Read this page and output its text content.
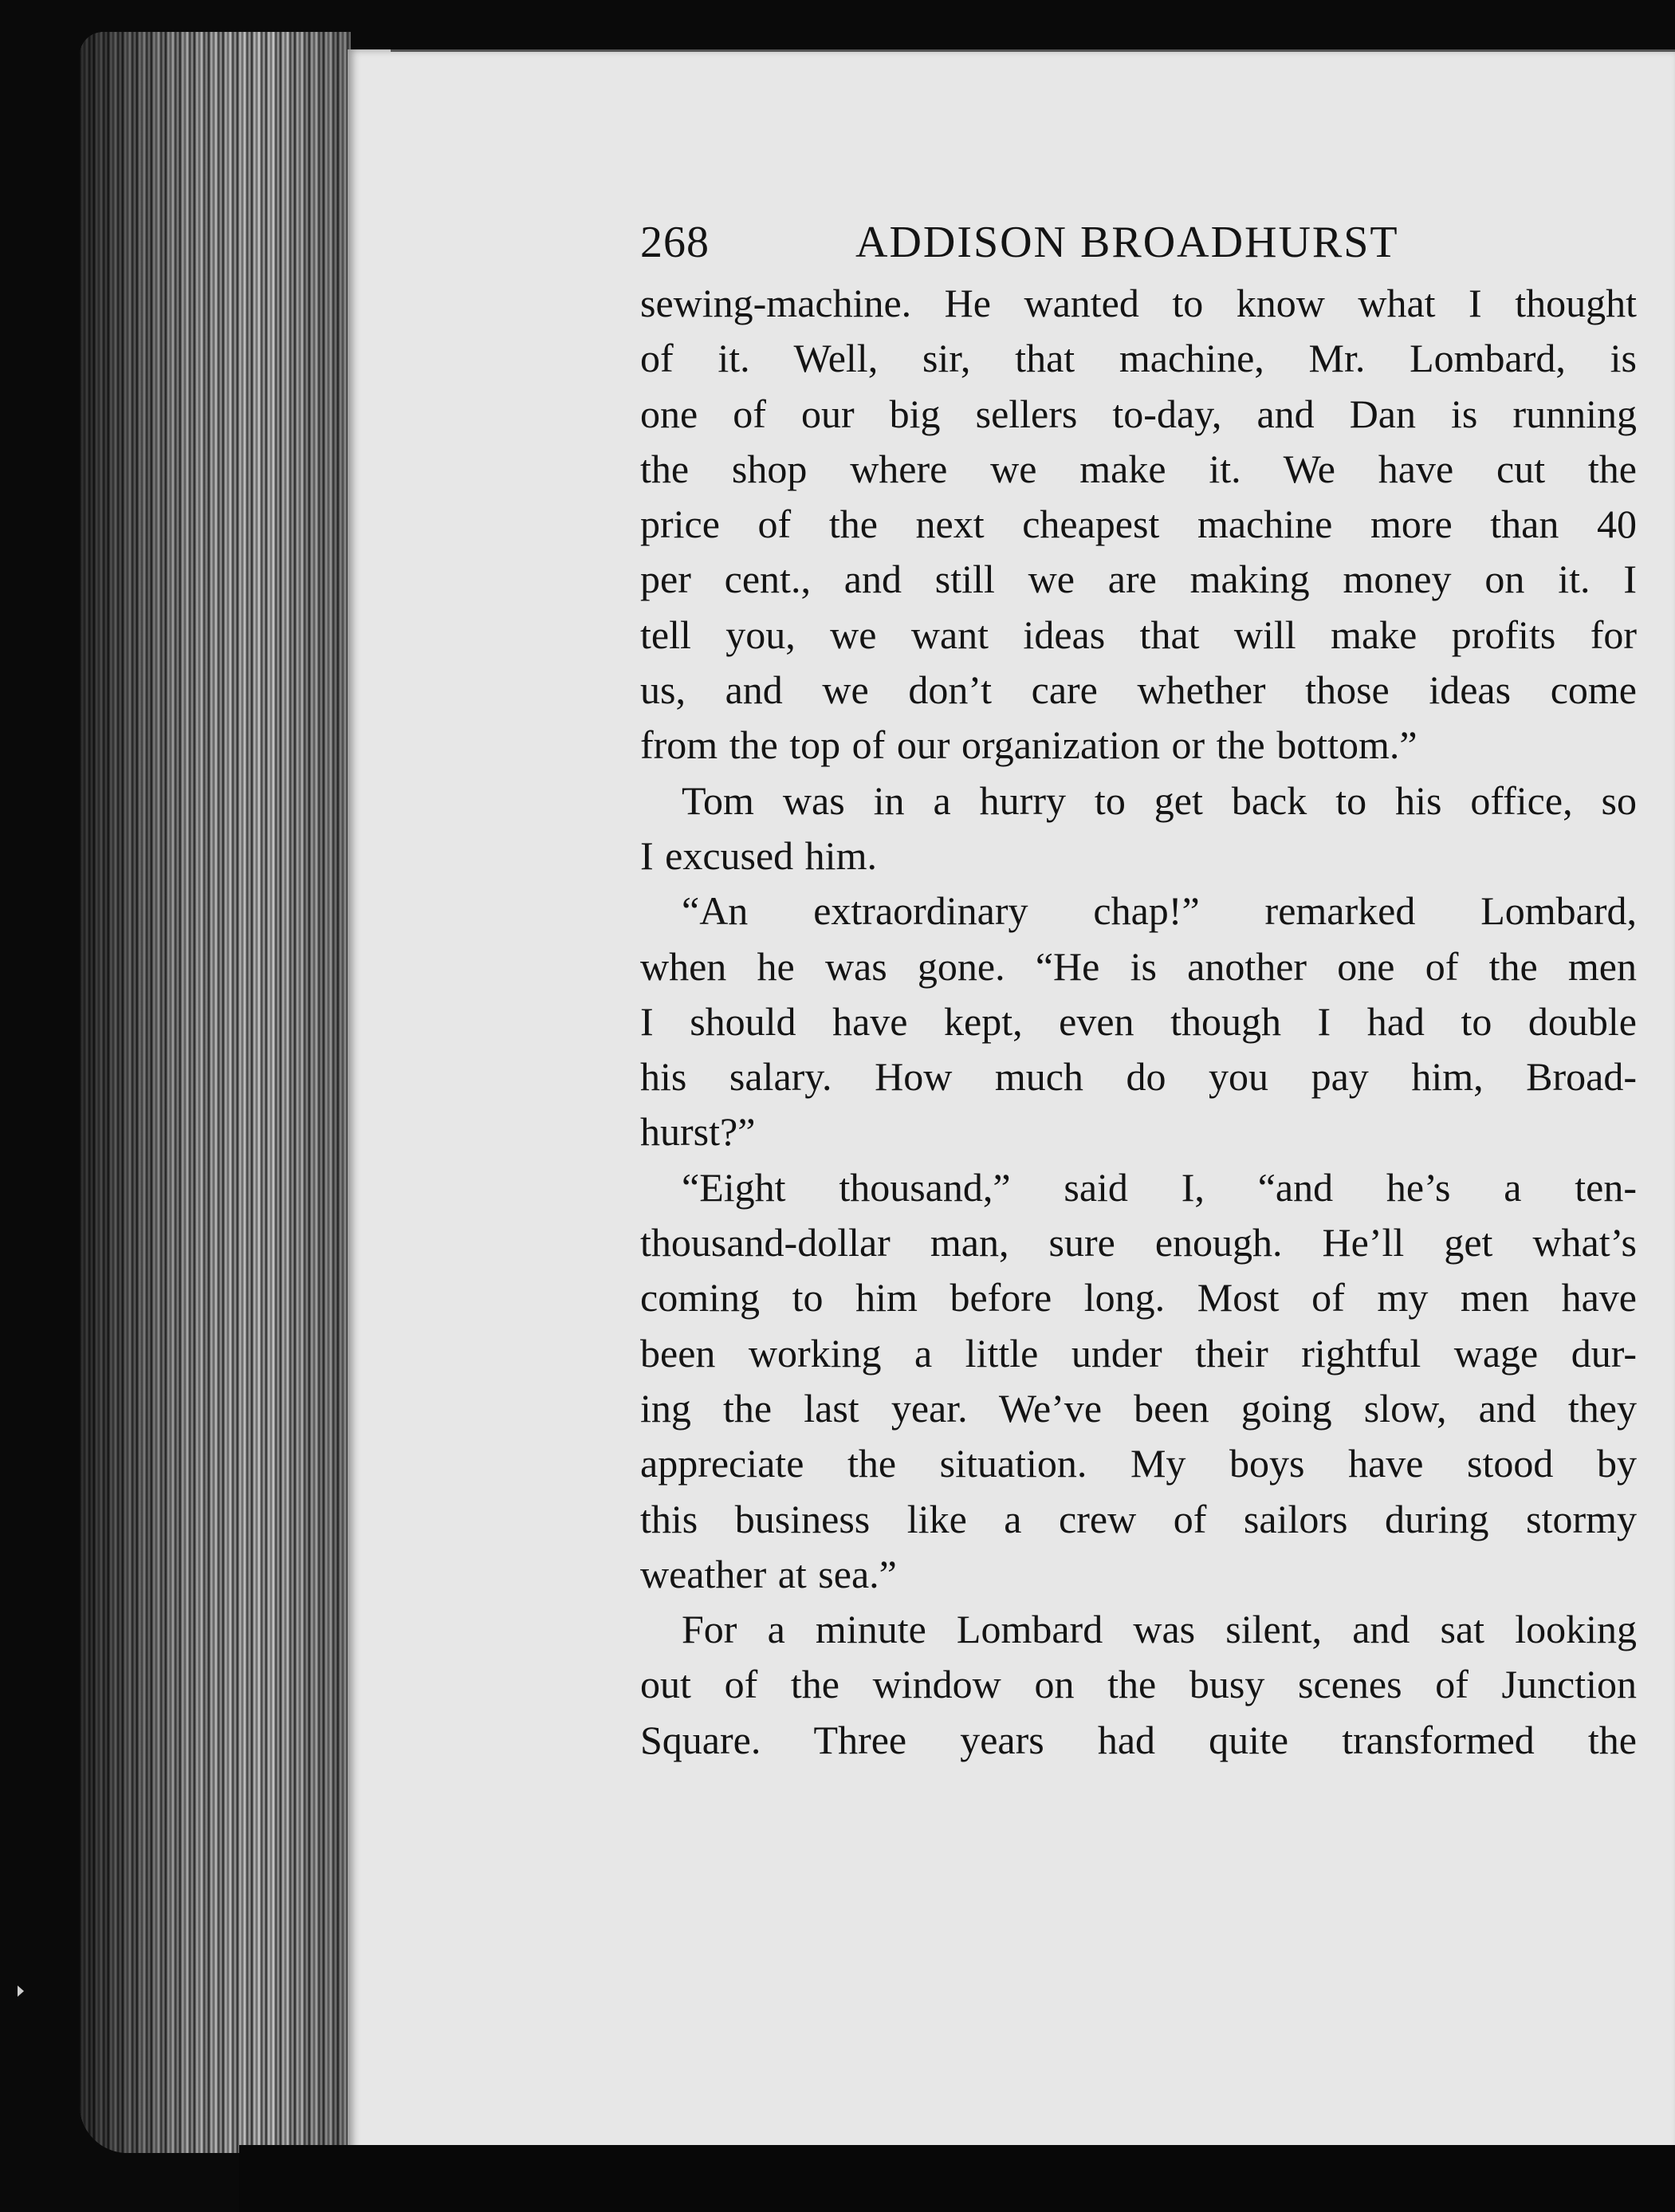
268	ADDISON BROADHURST
sewing-machine. He wanted to know what I thought
of it. Well, sir, that machine, Mr. Lombard, is
one of our big sellers to-day, and Dan is running
the shop where we make it. We have cut the
price of the next cheapest machine more than 40
per cent., and still we are making money on it. I
tell you, we want ideas that will make profits for
us, and we don’t care whether those ideas come
from the top of our organization or the bottom.”
Tom was in a hurry to get back to his office, so
I excused him.
“An extraordinary chap!” remarked Lombard,
when he was gone. “He is another one of the men
I should have kept, even though I had to double
his salary. How much do you pay him, Broad-
hurst?”
“Eight thousand,” said I, “and he’s a ten-
thousand-dollar man, sure enough. He’ll get what’s
coming to him before long. Most of my men have
been working a little under their rightful wage dur-
ing the last year. We’ve been going slow, and they
appreciate the situation. My boys have stood by
this business like a crew of sailors during stormy
weather at sea.”
For a minute Lombard was silent, and sat looking
out of the window on the busy scenes of Junction
Square. Three years had quite transformed the
